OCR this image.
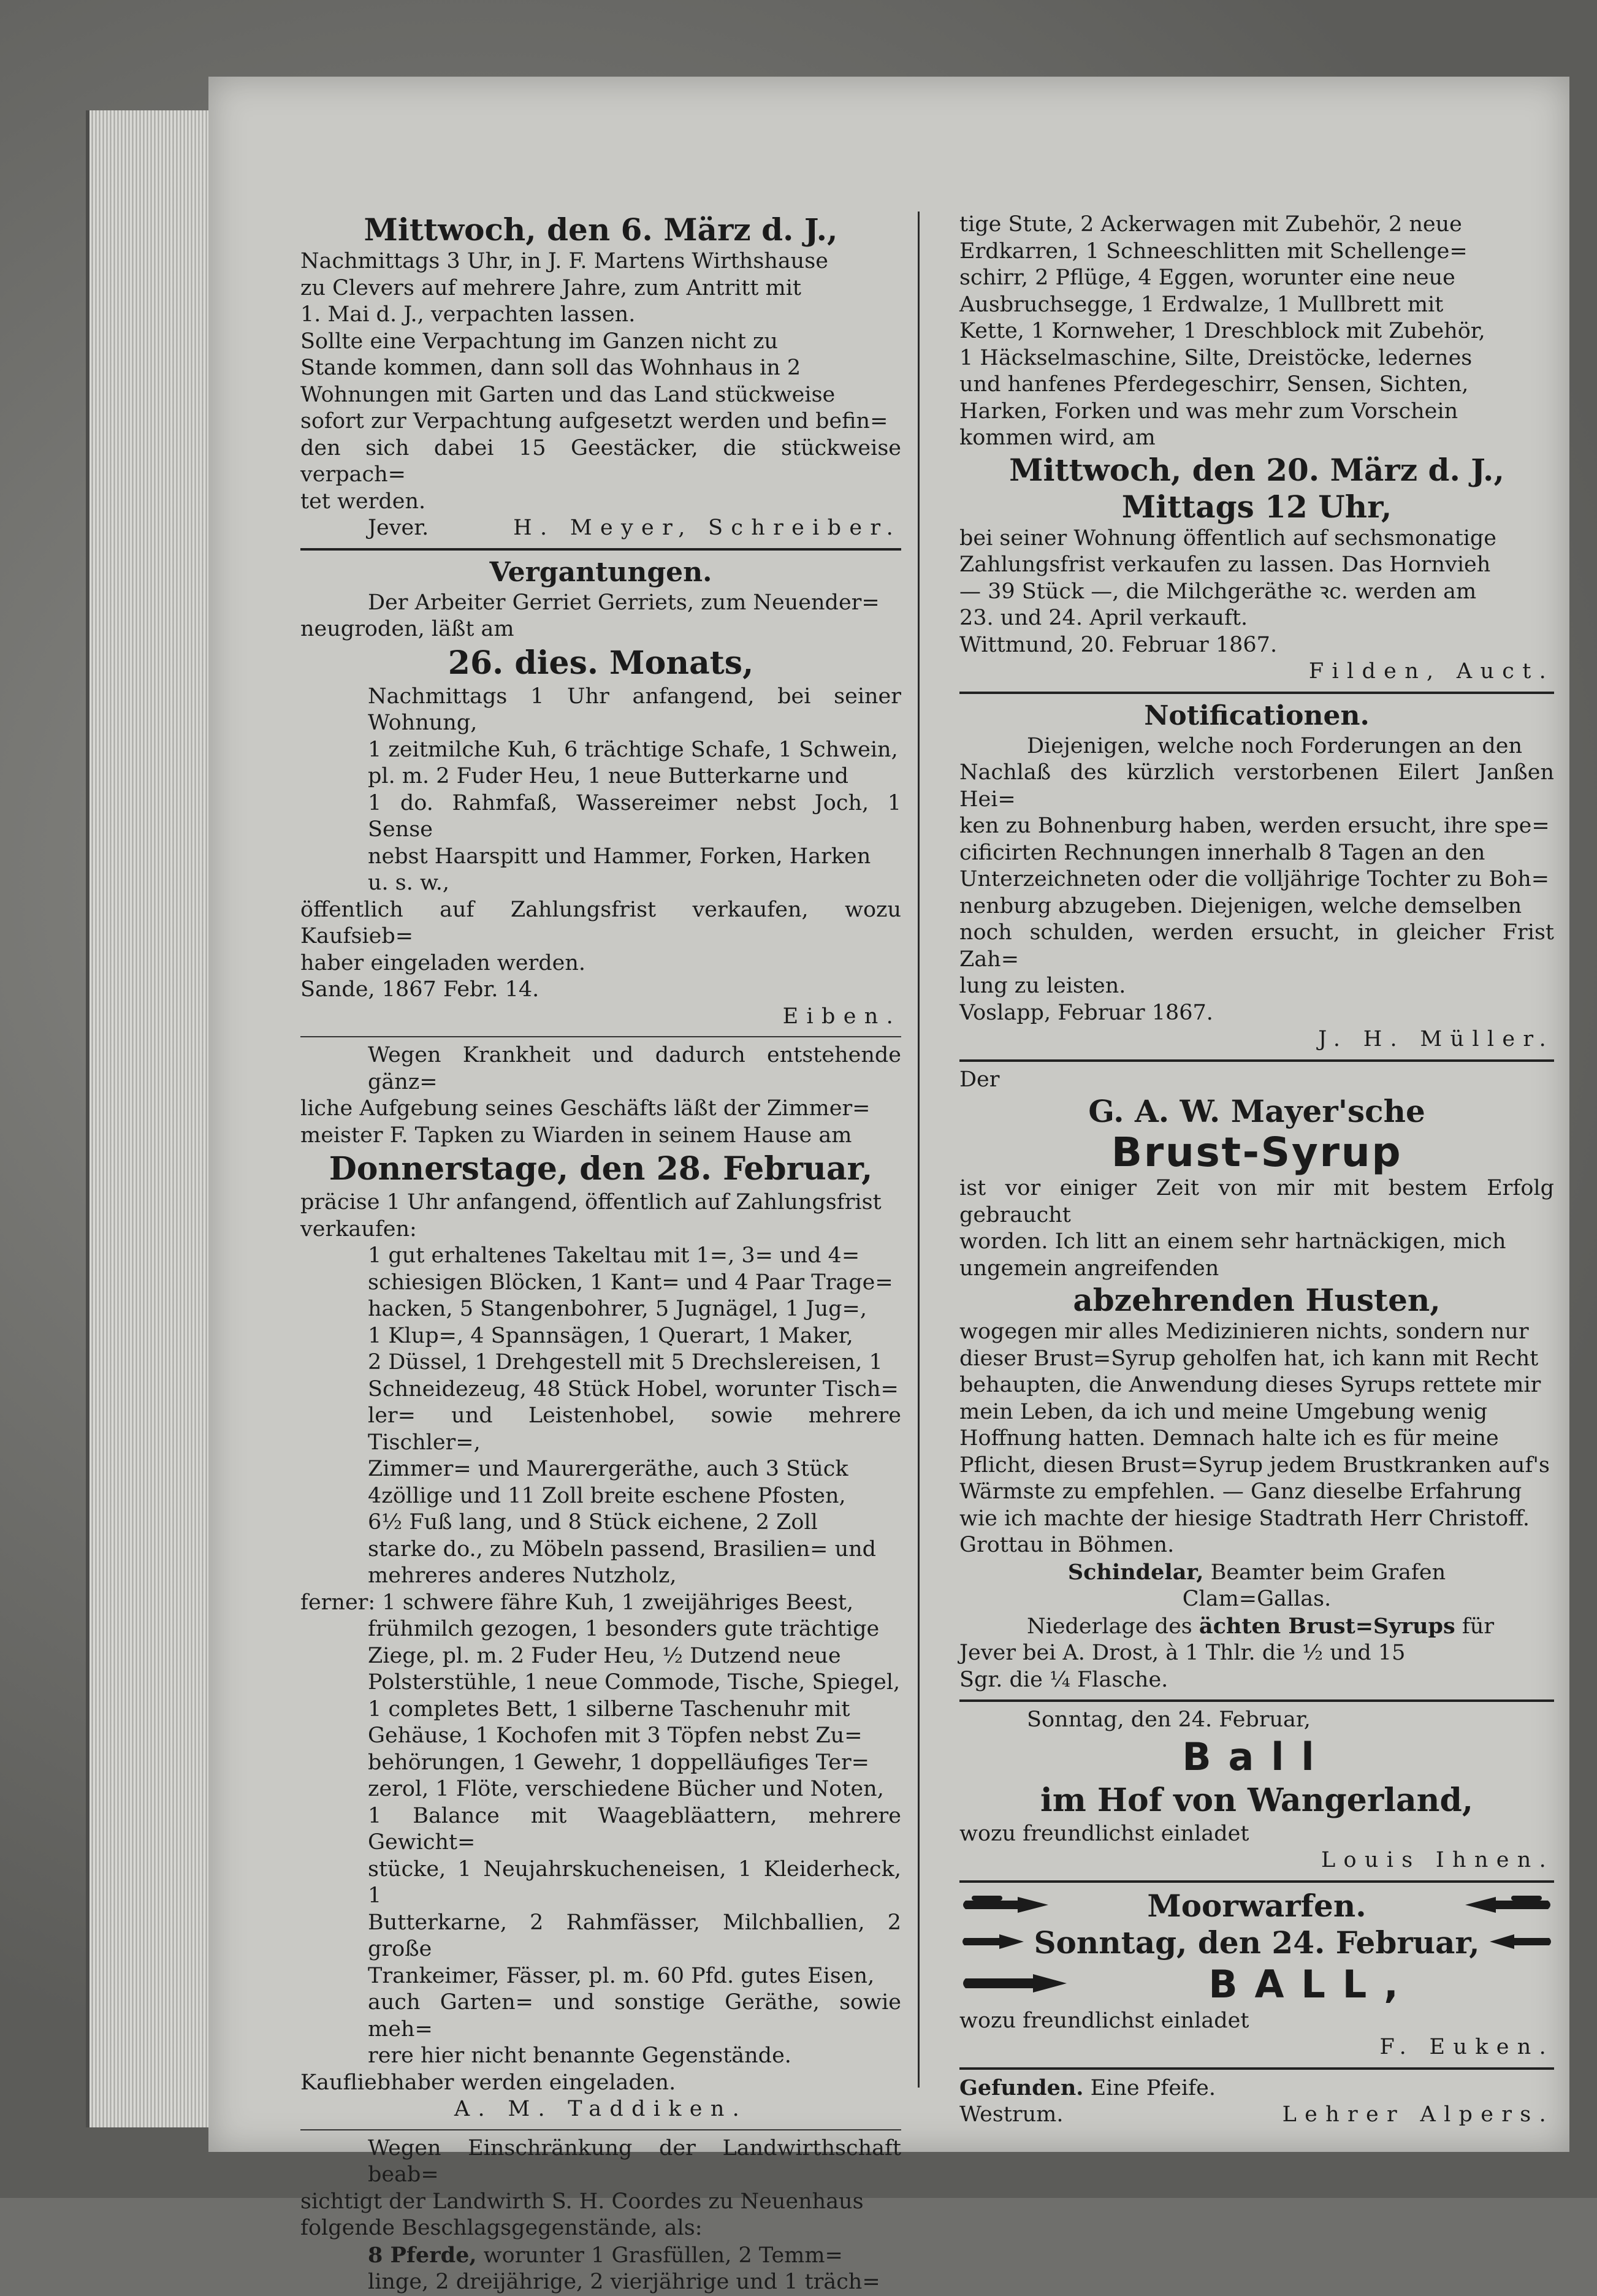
Mittwoch, den 6. März d. J.,

Nachmittags 3 Uhr, in J. F. Martens Wirthshause

zu Clevers auf mehrere Jahre, zum Antritt mit

1. Mai d. J., verpachten lassen.

Sollte eine Verpachtung im Ganzen nicht zu

Stande kommen, dann soll das Wohnhaus in 2

Wohnungen mit Garten und das Land stückweise

sofort zur Verpachtung aufgesetzt werden und befin=

den sich dabei 15 Geestäcker, die stückweise verpach=

tet werden.

Jever.	H. Meyer, Schreiber.

Vergantungen.

Der Arbeiter Gerriet Gerriets, zum Neuender=

neugroden, läßt am

26. dies. Monats,

Nachmittags 1 Uhr anfangend, bei seiner Wohnung,

1 zeitmilche Kuh, 6 trächtige Schafe, 1 Schwein,

pl. m. 2 Fuder Heu, 1 neue Butterkarne und

1 do. Rahmfaß, Wassereimer nebst Joch, 1 Sense

nebst Haarspitt und Hammer, Forken, Harken

u. s. w.,

öffentlich auf Zahlungsfrist verkaufen, wozu Kaufsieb=

haber eingeladen werden.

Sande, 1867 Febr. 14.

Eiben.

Wegen Krankheit und dadurch entstehende gänz=

liche Aufgebung seines Geschäfts läßt der Zimmer=

meister F. Tapken zu Wiarden in seinem Hause am

Donnerstage, den 28. Februar,

präcise 1 Uhr anfangend, öffentlich auf Zahlungsfrist

verkaufen:

1 gut erhaltenes Takeltau mit 1=, 3= und 4=

schiesigen Blöcken, 1 Kant= und 4 Paar Trage=

hacken, 5 Stangenbohrer, 5 Jugnägel, 1 Jug=,

1 Klup=, 4 Spannsägen, 1 Querart, 1 Maker,

2 Düssel, 1 Drehgestell mit 5 Drechslereisen, 1

Schneidezeug, 48 Stück Hobel, worunter Tisch=

ler= und Leistenhobel, sowie mehrere Tischler=,

Zimmer= und Maurergeräthe, auch 3 Stück

4zöllige und 11 Zoll breite eschene Pfosten,

6½ Fuß lang, und 8 Stück eichene, 2 Zoll

starke do., zu Möbeln passend, Brasilien= und

mehreres anderes Nutzholz,

ferner: 1 schwere fähre Kuh, 1 zweijähriges Beest,

frühmilch gezogen, 1 besonders gute trächtige

Ziege, pl. m. 2 Fuder Heu, ½ Dutzend neue

Polsterstühle, 1 neue Commode, Tische, Spiegel,

1 completes Bett, 1 silberne Taschenuhr mit

Gehäuse, 1 Kochofen mit 3 Töpfen nebst Zu=

behörungen, 1 Gewehr, 1 doppelläufiges Ter=

zerol, 1 Flöte, verschiedene Bücher und Noten,

1 Balance mit Waagebläattern, mehrere Gewicht=

stücke, 1 Neujahrskucheneisen, 1 Kleiderheck, 1

Butterkarne, 2 Rahmfässer, Milchballien, 2 große

Trankeimer, Fässer, pl. m. 60 Pfd. gutes Eisen,

auch Garten= und sonstige Geräthe, sowie meh=

rere hier nicht benannte Gegenstände.

Kaufliebhaber werden eingeladen.

A. M. Taddiken.

Wegen Einschränkung der Landwirthschaft beab=

sichtigt der Landwirth S. H. Coordes zu Neuenhaus

folgende Beschlagsgegenstände, als:

8 Pferde, worunter 1 Grasfüllen, 2 Temm=

linge, 2 dreijährige, 2 vierjährige und 1 träch=

tige Stute, 2 Ackerwagen mit Zubehör, 2 neue

Erdkarren, 1 Schneeschlitten mit Schellenge=

schirr, 2 Pflüge, 4 Eggen, worunter eine neue

Ausbruchsegge, 1 Erdwalze, 1 Mullbrett mit

Kette, 1 Kornweher, 1 Dreschblock mit Zubehör,

1 Häckselmaschine, Silte, Dreistöcke, ledernes

und hanfenes Pferdegeschirr, Sensen, Sichten,

Harken, Forken und was mehr zum Vorschein

kommen wird, am

Mittwoch, den 20. März d. J.,

Mittags 12 Uhr,

bei seiner Wohnung öffentlich auf sechsmonatige

Zahlungsfrist verkaufen zu lassen. Das Hornvieh

— 39 Stück —, die Milchgeräthe ꝛc. werden am

23. und 24. April verkauft.

Wittmund, 20. Februar 1867.

Filden, Auct.

Notificationen.

Diejenigen, welche noch Forderungen an den

Nachlaß des kürzlich verstorbenen Eilert Janßen Hei=

ken zu Bohnenburg haben, werden ersucht, ihre spe=

cificirten Rechnungen innerhalb 8 Tagen an den

Unterzeichneten oder die volljährige Tochter zu Boh=

nenburg abzugeben. Diejenigen, welche demselben

noch schulden, werden ersucht, in gleicher Frist Zah=

lung zu leisten.

Voslapp, Februar 1867.

J. H. Müller.

Der

G. A. W. Mayer'sche

Brust-Syrup

ist vor einiger Zeit von mir mit bestem Erfolg gebraucht

worden. Ich litt an einem sehr hartnäckigen, mich

ungemein angreifenden

abzehrenden Husten,

wogegen mir alles Medizinieren nichts, sondern nur

dieser Brust=Syrup geholfen hat, ich kann mit Recht

behaupten, die Anwendung dieses Syrups rettete mir

mein Leben, da ich und meine Umgebung wenig

Hoffnung hatten. Demnach halte ich es für meine

Pflicht, diesen Brust=Syrup jedem Brustkranken auf's

Wärmste zu empfehlen. — Ganz dieselbe Erfahrung

wie ich machte der hiesige Stadtrath Herr Christoff.

Grottau in Böhmen.

Schindelar, Beamter beim Grafen

Clam=Gallas.

Niederlage des ächten Brust=Syrups für

Jever bei A. Drost, à 1 Thlr. die ½ und 15

Sgr. die ¼ Flasche.

Sonntag, den 24. Februar,

Ball

im Hof von Wangerland,

wozu freundlichst einladet

Louis Ihnen.

Moorwarfen.

Sonntag, den 24. Februar,

BALL,

wozu freundlichst einladet

F. Euken.

Gefunden. Eine Pfeife.

Westrum.	Lehrer Alpers.
